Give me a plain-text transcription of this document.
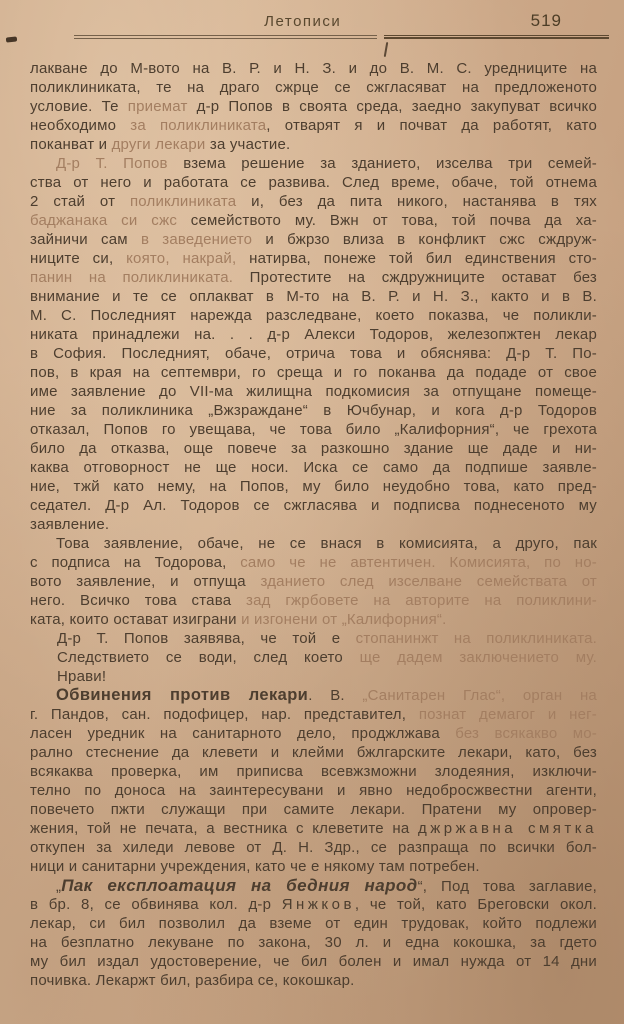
Летописи	519
лакване до М-вото на В. Р. и Н. З. и до В. М. С. уредниците на
поликлиниката, те на драго сжрце се сжгласяват на предложеното
условие. Те приемат д-р Попов в своята среда, заедно закупуват всичко
необходимо за поликлиниката, отварят я и почват да работят, като
поканват и други лекари за участие.
Д-р Т. Попов взема решение за зданието, изселва три семей-
ства от него и работата се развива. След време, обаче, той отнема
2 стай от поликлиниката и, без да пита никого, настанява в тях
баджанака си сжс семейството му. Вжн от това, той почва да ха-
зайничи сам в заведението и бжрзо влиза в конфликт сжс сждруж-
ниците си, която, накрай, натирва, понеже той бил единствения сто-
панин на поликлиниката. Протестите на сждружниците остават без
внимание и те се оплакват в М-то на В. Р. и Н. З., както и в В.
М. С. Последният нарежда разследване, което показва, че поликли-
никата принадлежи на. . . д-р Алекси Тодоров, железопжтен лекар
в София. Последният, обаче, отрича това и обяснява: Д-р Т. По-
пов, в края на септември, го среща и го поканва да подаде от свое
име заявление до VII-ма жилищна подкомисия за отпущане помеще-
ние за поликлиника „Вжзраждане“ в Ючбунар, и кога д-р Тодоров
отказал, Попов го увещава, че това било „Калифорния“, че грехота
било да отказва, още повече за разкошно здание ще даде и ни-
каква отговорност не ще носи. Иска се само да подпише заявле-
ние, тжй като нему, на Попов, му било неудобно това, като пред-
седател. Д-р Ал. Тодоров се сжгласява и подписва поднесеното му
заявление.
Това заявление, обаче, не се внася в комисията, а друго, пак
с подписа на Тодорова, само че не автентичен. Комисията, по но-
вото заявление, и отпуща зданието след изселване семействата от
него. Всичко това става зад гжрбовете на авторите на поликлини-
ката, които остават изиграни и изгонени от „Калифорния“.
Д-р Т. Попов заявява, че той е стопанинжт на поликлиниката.
Следствието се води, след което ще дадем заключението му.
Нрави!
Обвинения против лекари. В. „Санитарен Глас“, орган на
г. Пандов, сан. подофицер, нар. представител, познат демагог и нег-
ласен уредник на санитарното дело, проджлжава без всякакво мо-
рално стеснение да клевети и клейми бжлгарските лекари, като, без
всякаква проверка, им приписва всевжзможни злодеяния, изключи-
телно по доноса на заинтересувани и явно недобросжвестни агенти,
повечето пжти служащи при самите лекари. Пратени му опровер-
жения, той не печата, а вестника с клеветите на джржавна смятка
откупен за хиледи левове от Д. Н. Здр., се разпраща по всички бол-
ници и санитарни учреждения, като че е някому там потребен.
„Пак експлоатация на бедния народ“, Под това заглавие,
в бр. 8, се обвинява кол. д-р Янжков, че той, като Бреговски окол.
лекар, си бил позволил да вземе от един трудовак, който подлежи
на безплатно лекуване по закона, 30 л. и една кокошка, за гдето
му бил издал удостоверение, че бил болен и имал нужда от 14 дни
почивка. Лекаржт бил, разбира се, кокошкар.
